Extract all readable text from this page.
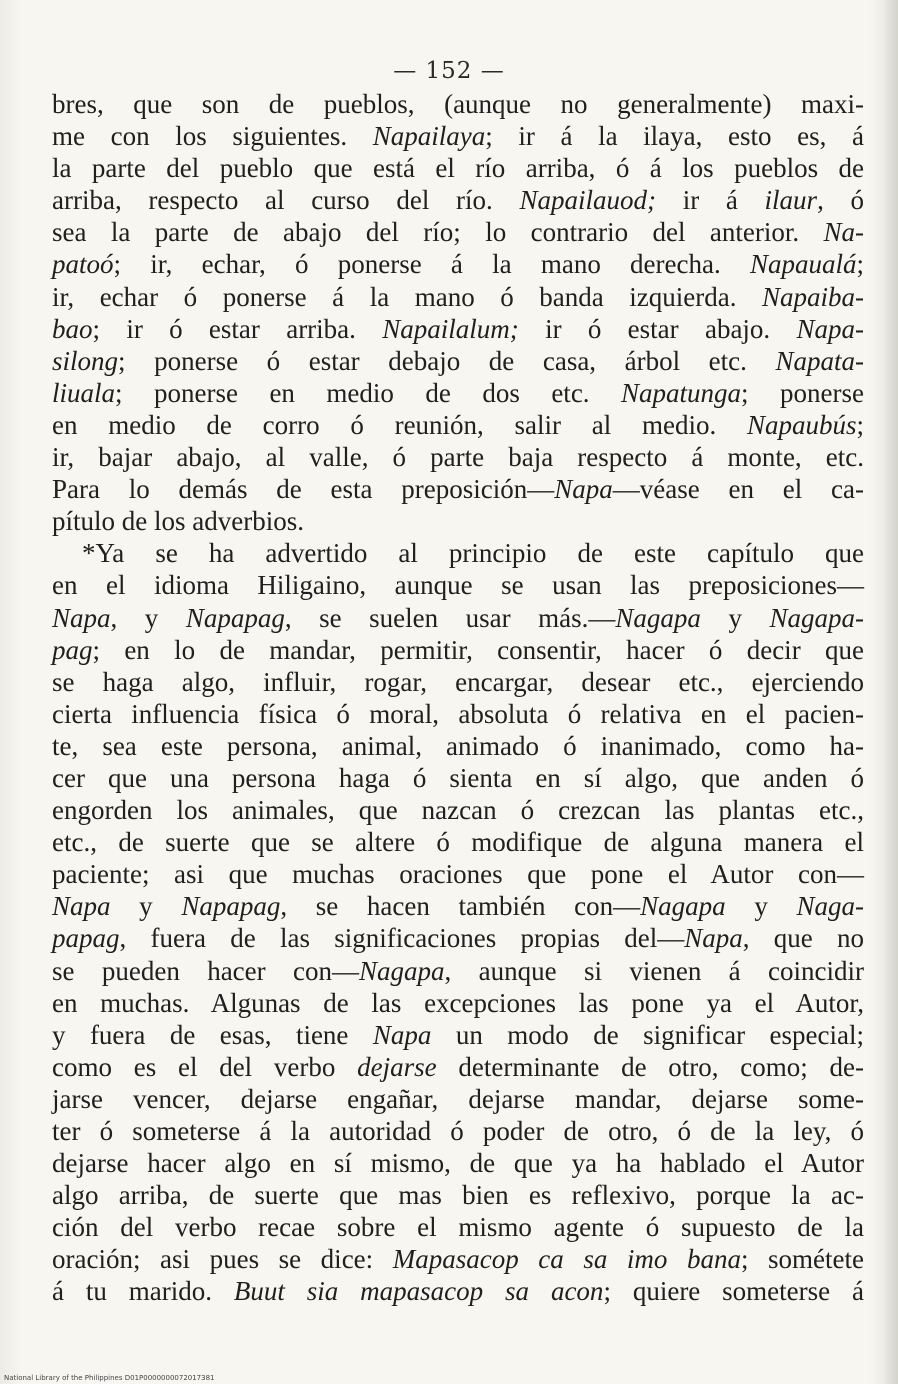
— 152 —
bres, que son de pueblos, (aunque no generalmente) maxi-
me con los siguientes. Napailaya; ir á la ilaya, esto es, á
la parte del pueblo que está el río arriba, ó á los pueblos de
arriba, respecto al curso del río. Napailauod; ir á ilaur, ó
sea la parte de abajo del río; lo contrario del anterior. Na-
patoó; ir, echar, ó ponerse á la mano derecha. Napaualá;
ir, echar ó ponerse á la mano ó banda izquierda. Napaiba-
bao; ir ó estar arriba. Napailalum; ir ó estar abajo. Napa-
silong; ponerse ó estar debajo de casa, árbol etc. Napata-
liuala; ponerse en medio de dos etc. Napatunga; ponerse
en medio de corro ó reunión, salir al medio. Napaubús;
ir, bajar abajo, al valle, ó parte baja respecto á monte, etc.
Para lo demás de esta preposición—Napa—véase en el ca-
pítulo de los adverbios.
*Ya se ha advertido al principio de este capítulo que
en el idioma Hiligaino, aunque se usan las preposiciones—
Napa, y Napapag, se suelen usar más.—Nagapa y Nagapa-
pag; en lo de mandar, permitir, consentir, hacer ó decir que
se haga algo, influir, rogar, encargar, desear etc., ejerciendo
cierta influencia física ó moral, absoluta ó relativa en el pacien-
te, sea este persona, animal, animado ó inanimado, como ha-
cer que una persona haga ó sienta en sí algo, que anden ó
engorden los animales, que nazcan ó crezcan las plantas etc.,
etc., de suerte que se altere ó modifique de alguna manera el
paciente; asi que muchas oraciones que pone el Autor con—
Napa y Napapag, se hacen también con—Nagapa y Naga-
papag, fuera de las significaciones propias del—Napa, que no
se pueden hacer con—Nagapa, aunque si vienen á coincidir
en muchas. Algunas de las excepciones las pone ya el Autor,
y fuera de esas, tiene Napa un modo de significar especial;
como es el del verbo dejarse determinante de otro, como; de-
jarse vencer, dejarse engañar, dejarse mandar, dejarse some-
ter ó someterse á la autoridad ó poder de otro, ó de la ley, ó
dejarse hacer algo en sí mismo, de que ya ha hablado el Autor
algo arriba, de suerte que mas bien es reflexivo, porque la ac-
ción del verbo recae sobre el mismo agente ó supuesto de la
oración; asi pues se dice: Mapasacop ca sa imo bana; sométete
á tu marido. Buut sia mapasacop sa acon; quiere someterse á
National Library of the Philippines D01P0000000072017381
